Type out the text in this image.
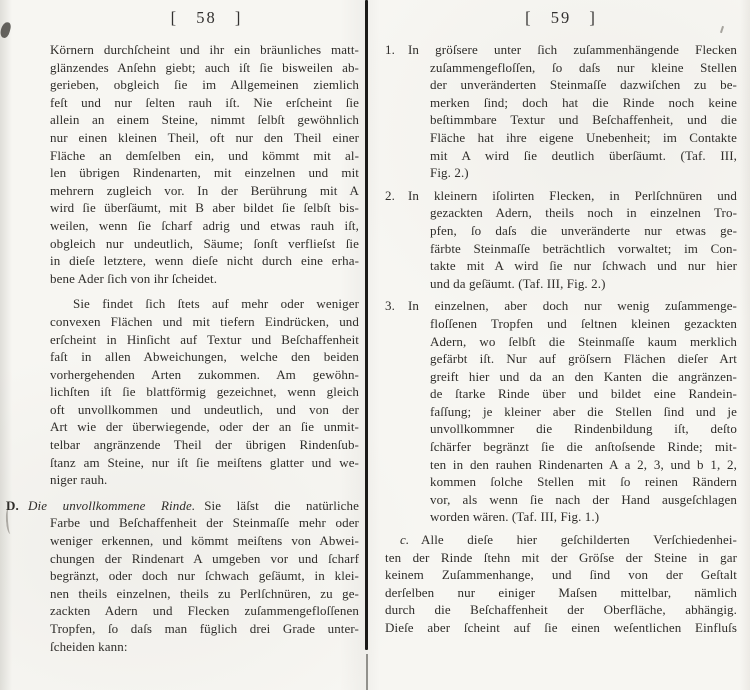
[ 58 ]
Körnern durchſcheint und ihr ein bräunliches matt-
glänzendes Anſehn giebt; auch iſt ſie bisweilen ab-
gerieben, obgleich ſie im Allgemeinen ziemlich
feſt und nur ſelten rauh iſt. Nie erſcheint ſie
allein an einem Steine, nimmt ſelbſt gewöhnlich
nur einen kleinen Theil, oft nur den Theil einer
Fläche an demſelben ein, und kömmt mit al-
len übrigen Rindenarten, mit einzelnen und mit
mehrern zugleich vor. In der Berührung mit A
wird ſie überſäumt, mit B aber bildet ſie ſelbſt bis-
weilen, wenn ſie ſcharf adrig und etwas rauh iſt,
obgleich nur undeutlich, Säume; ſonſt verflieſst ſie
in dieſe letztere, wenn dieſe nicht durch eine erha-
bene Ader ſich von ihr ſcheidet.
Sie findet ſich ſtets auf mehr oder weniger
convexen Flächen und mit tiefern Eindrücken, und
erſcheint in Hinſicht auf Textur und Beſchaffenheit
faſt in allen Abweichungen, welche den beiden
vorhergehenden Arten zukommen. Am gewöhn-
lichſten iſt ſie blattförmig gezeichnet, wenn gleich
oft unvollkommen und undeutlich, und von der
Art wie der überwiegende, oder der an ſie unmit-
telbar angränzende Theil der übrigen Rindenſub-
ſtanz am Steine, nur iſt ſie meiſtens glatter und we-
niger rauh.
D. Die unvollkommene Rinde. Sie läſst die natürliche
Farbe und Beſchaffenheit der Steinmaſſe mehr oder
weniger erkennen, und kömmt meiſtens von Abwei-
chungen der Rindenart A umgeben vor und ſcharf
begränzt, oder doch nur ſchwach geſäumt, in klei-
nen theils einzelnen, theils zu Perlſchnüren, zu ge-
zackten Adern und Flecken zuſammengefloſſenen
Tropfen, ſo daſs man füglich drei Grade unter-
ſcheiden kann:
[ 59 ]
1. In gröſsere unter ſich zuſammenhängende Flecken
zuſammengefloſſen, ſo daſs nur kleine Stellen
der unveränderten Steinmaſſe dazwiſchen zu be-
merken ſind; doch hat die Rinde noch keine
beſtimmbare Textur und Beſchaffenheit, und die
Fläche hat ihre eigene Unebenheit; im Contakte
mit A wird ſie deutlich überſäumt. (Taf. III,
Fig. 2.)
2. In kleinern iſolirten Flecken, in Perlſchnüren und
gezackten Adern, theils noch in einzelnen Tro-
pfen, ſo daſs die unveränderte nur etwas ge-
färbte Steinmaſſe beträchtlich vorwaltet; im Con-
takte mit A wird ſie nur ſchwach und nur hier
und da geſäumt. (Taf. III, Fig. 2.)
3. In einzelnen, aber doch nur wenig zuſammenge-
floſſenen Tropfen und ſeltnen kleinen gezackten
Adern, wo ſelbſt die Steinmaſſe kaum merklich
gefärbt iſt. Nur auf gröſsern Flächen dieſer Art
greift hier und da an den Kanten die angränzen-
de ſtarke Rinde über und bildet eine Randein-
faſſung; je kleiner aber die Stellen ſind und je
unvollkommner die Rindenbildung iſt, deſto
ſchärfer begränzt ſie die anſtoſsende Rinde; mit-
ten in den rauhen Rindenarten A a 2, 3, und b 1, 2,
kommen ſolche Stellen mit ſo reinen Rändern
vor, als wenn ſie nach der Hand ausgeſchlagen
worden wären. (Taf. III, Fig. 1.)
c. Alle dieſe hier geſchilderten Verſchiedenhei-
ten der Rinde ſtehn mit der Gröſse der Steine in gar
keinem Zuſammenhange, und ſind von der Geſtalt
derſelben nur einiger Maſsen mittelbar, nämlich
durch die Beſchaffenheit der Oberfläche, abhängig.
Dieſe aber ſcheint auf ſie einen weſentlichen Einfluſs
